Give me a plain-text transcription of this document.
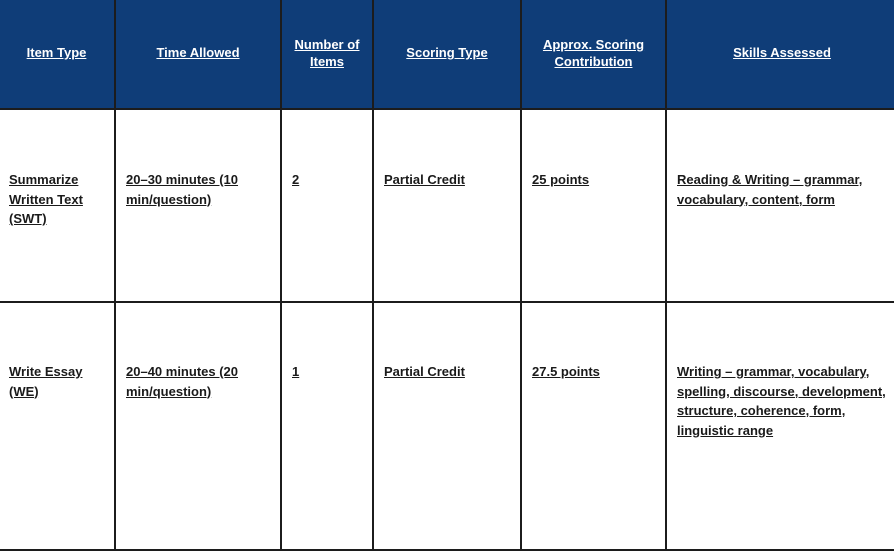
Item Type	Time Allowed	Number of Items	Scoring Type	Approx. Scoring Contribution	Skills Assessed
Summarize Written Text (SWT)	20–30 minutes (10 min/question)	2	Partial Credit	25 points	Reading & Writing – grammar, vocabulary, content, form
Write Essay (WE)	20–40 minutes (20 min/question)	1	Partial Credit	27.5 points	Writing – grammar, vocabulary, spelling, discourse, development, structure, coherence, form, linguistic range
